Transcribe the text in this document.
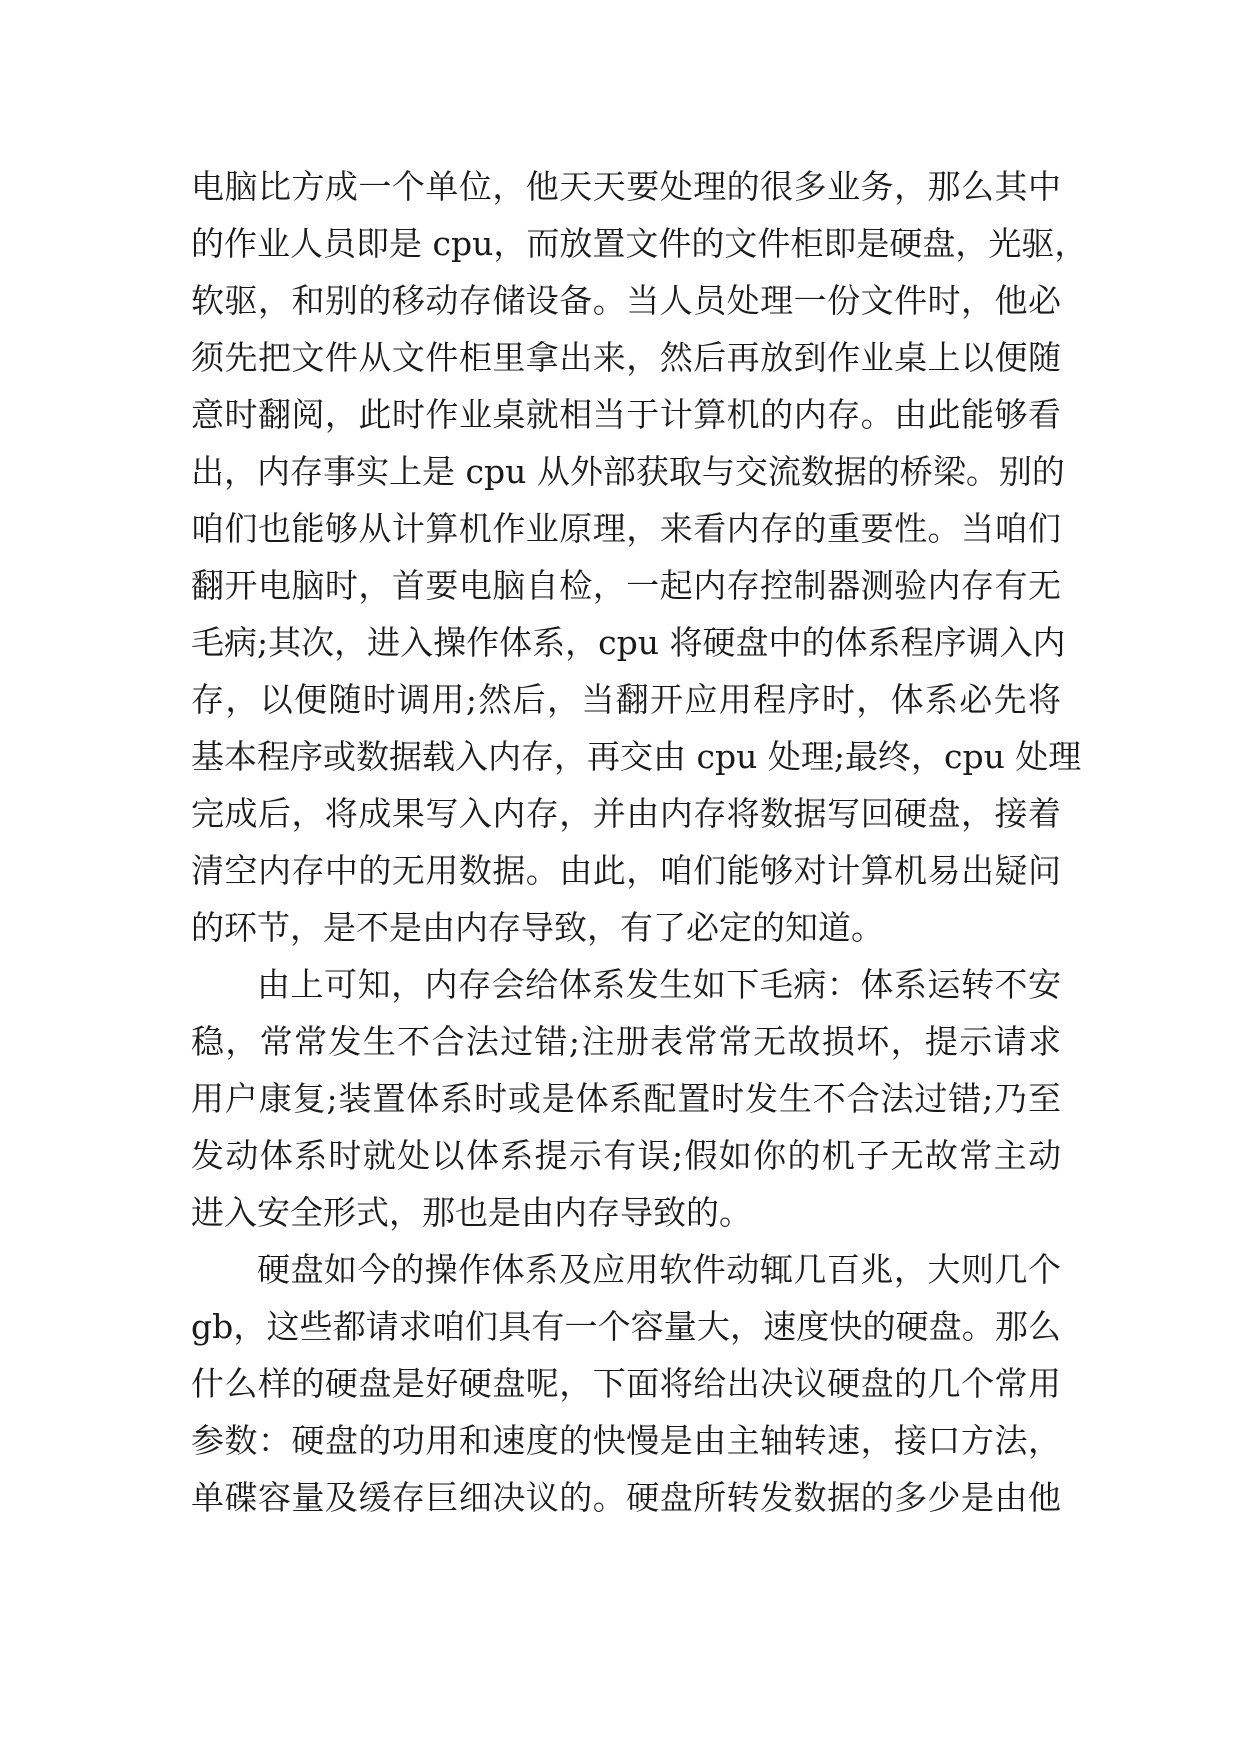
电脑比方成一个单位，他天天要处理的很多业务，那么其中
的作业人员即是 cpu，而放置文件的文件柜即是硬盘，光驱，
软驱，和别的移动存储设备。当人员处理一份文件时，他必
须先把文件从文件柜里拿出来，然后再放到作业桌上以便随
意时翻阅，此时作业桌就相当于计算机的内存。由此能够看
出，内存事实上是 cpu 从外部获取与交流数据的桥梁。别的
咱们也能够从计算机作业原理，来看内存的重要性。当咱们
翻开电脑时，首要电脑自检，一起内存控制器测验内存有无
毛病;其次，进入操作体系，cpu 将硬盘中的体系程序调入内
存，以便随时调用;然后，当翻开应用程序时，体系必先将
基本程序或数据载入内存，再交由 cpu 处理;最终，cpu 处理
完成后，将成果写入内存，并由内存将数据写回硬盘，接着
清空内存中的无用数据。由此，咱们能够对计算机易出疑问
的环节，是不是由内存导致，有了必定的知道。

由上可知，内存会给体系发生如下毛病：体系运转不安
稳，常常发生不合法过错;注册表常常无故损坏，提示请求
用户康复;装置体系时或是体系配置时发生不合法过错;乃至
发动体系时就处以体系提示有误;假如你的机子无故常主动
进入安全形式，那也是由内存导致的。

硬盘如今的操作体系及应用软件动辄几百兆，大则几个
gb，这些都请求咱们具有一个容量大，速度快的硬盘。那么
什么样的硬盘是好硬盘呢，下面将给出决议硬盘的几个常用
参数：硬盘的功用和速度的快慢是由主轴转速，接口方法，
单碟容量及缓存巨细决议的。硬盘所转发数据的多少是由他
